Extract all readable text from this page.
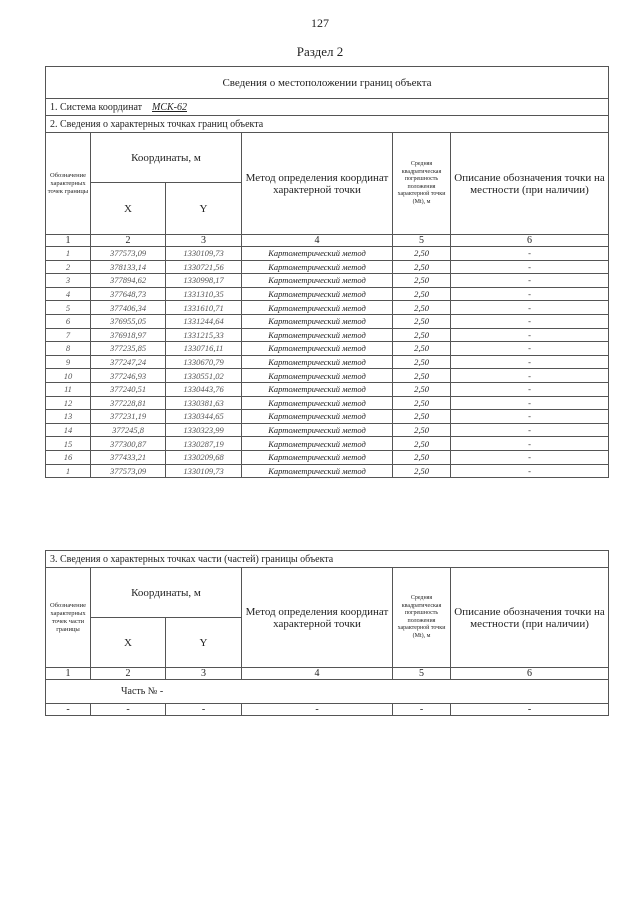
127
Раздел 2
Сведения о местоположении границ объекта					
1. Система координат МСК-62					
2. Сведения о характерных точках границ объекта					
Обозначение характерных точек границы	Координаты, м		Метод определения координат характерной точки	Средняя квадратическая погрешность положения характерной точки (Mt), м	Описание обозначения точки на местности (при наличии)
	X	Y			
1	2	3	4	5	6
1	377573,09	1330109,73	Картометрический метод	2,50	-
2	378133,14	1330721,56	Картометрический метод	2,50	-
3	377894,62	1330998,17	Картометрический метод	2,50	-
4	377648,73	1331310,35	Картометрический метод	2,50	-
5	377406,34	1331610,71	Картометрический метод	2,50	-
6	376955,05	1331244,64	Картометрический метод	2,50	-
7	376918,97	1331215,33	Картометрический метод	2,50	-
8	377235,85	1330716,11	Картометрический метод	2,50	-
9	377247,24	1330670,79	Картометрический метод	2,50	-
10	377246,93	1330551,02	Картометрический метод	2,50	-
11	377240,51	1330443,76	Картометрический метод	2,50	-
12	377228,81	1330381,63	Картометрический метод	2,50	-
13	377231,19	1330344,65	Картометрический метод	2,50	-
14	377245,8	1330323,99	Картометрический метод	2,50	-
15	377300,87	1330287,19	Картометрический метод	2,50	-
16	377433,21	1330209,68	Картометрический метод	2,50	-
1	377573,09	1330109,73	Картометрический метод	2,50	-
3. Сведения о характерных точках части (частей) границы объекта					
Обозначение характерных точек части границы	Координаты, м		Метод определения координат характерной точки	Средняя квадратическая погрешность положения характерной точки (Mt), м	Описание обозначения точки на местности (при наличии)
	X	Y			
1	2	3	4	5	6
Часть № -					
-	-	-	-	-	-
